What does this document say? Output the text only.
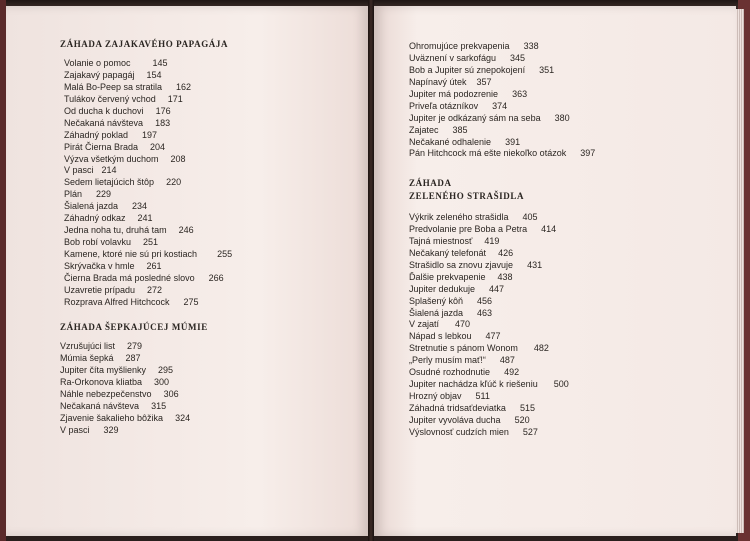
ZÁHADA ZAJAKAVÉHO PAPAGÁJA
Volanie o pomoc 145
Zajakavý papagáj 154
Malá Bo-Peep sa stratila 162
Tulákov červený vchod 171
Od ducha k duchovi 176
Nečakaná návšteva 183
Záhadný poklad 197
Pirát Čierna Brada 204
Výzva všetkým duchom 208
V pasci 214
Sedem lietajúcich štôp 220
Plán 229
Šialená jazda 234
Záhadný odkaz 241
Jedna noha tu, druhá tam 246
Bob robí volavku 251
Kamene, ktoré nie sú pri kostiach 255
Skrývačka v hmle 261
Čierna Brada má posledné slovo 266
Uzavretie prípadu 272
Rozprava Alfred Hitchcock 275
ZÁHADA ŠEPKAJÚCEJ MÚMIE
Vzrušujúci list 279
Múmia šepká 287
Jupiter číta myšlienky 295
Ra-Orkonova kliatba 300
Náhle nebezpečenstvo 306
Nečakaná návšteva 315
Zjavenie šakalieho bôžika 324
V pasci 329
Ohromujúce prekvapenia 338
Uväznení v sarkofágu 345
Bob a Jupiter sú znepokojení 351
Napínavý útek 357
Jupiter má podozrenie 363
Priveľa otázníkov 374
Jupiter je odkázaný sám na seba 380
Zajatec 385
Nečakané odhalenie 391
Pán Hitchcock má ešte niekoľko otázok 397
ZÁHADA
ZELENÉHO STRAŠIDLA
Výkrik zeleného strašidla 405
Predvolanie pre Boba a Petra 414
Tajná miestnosť 419
Nečakaný telefonát 426
Strašidlo sa znovu zjavuje 431
Ďalšie prekvapenie 438
Jupiter dedukuje 447
Splašený kôň 456
Šialená jazda 463
V zajatí 470
Nápad s lebkou 477
Stretnutie s pánom Wonom 482
„Perly musím mať!“ 487
Osudné rozhodnutie 492
Jupiter nachádza kľúč k riešeniu 500
Hrozný objav 511
Záhadná tridsaťdeviatka 515
Jupiter vyvoláva ducha 520
Výslovnosť cudzích mien 527
